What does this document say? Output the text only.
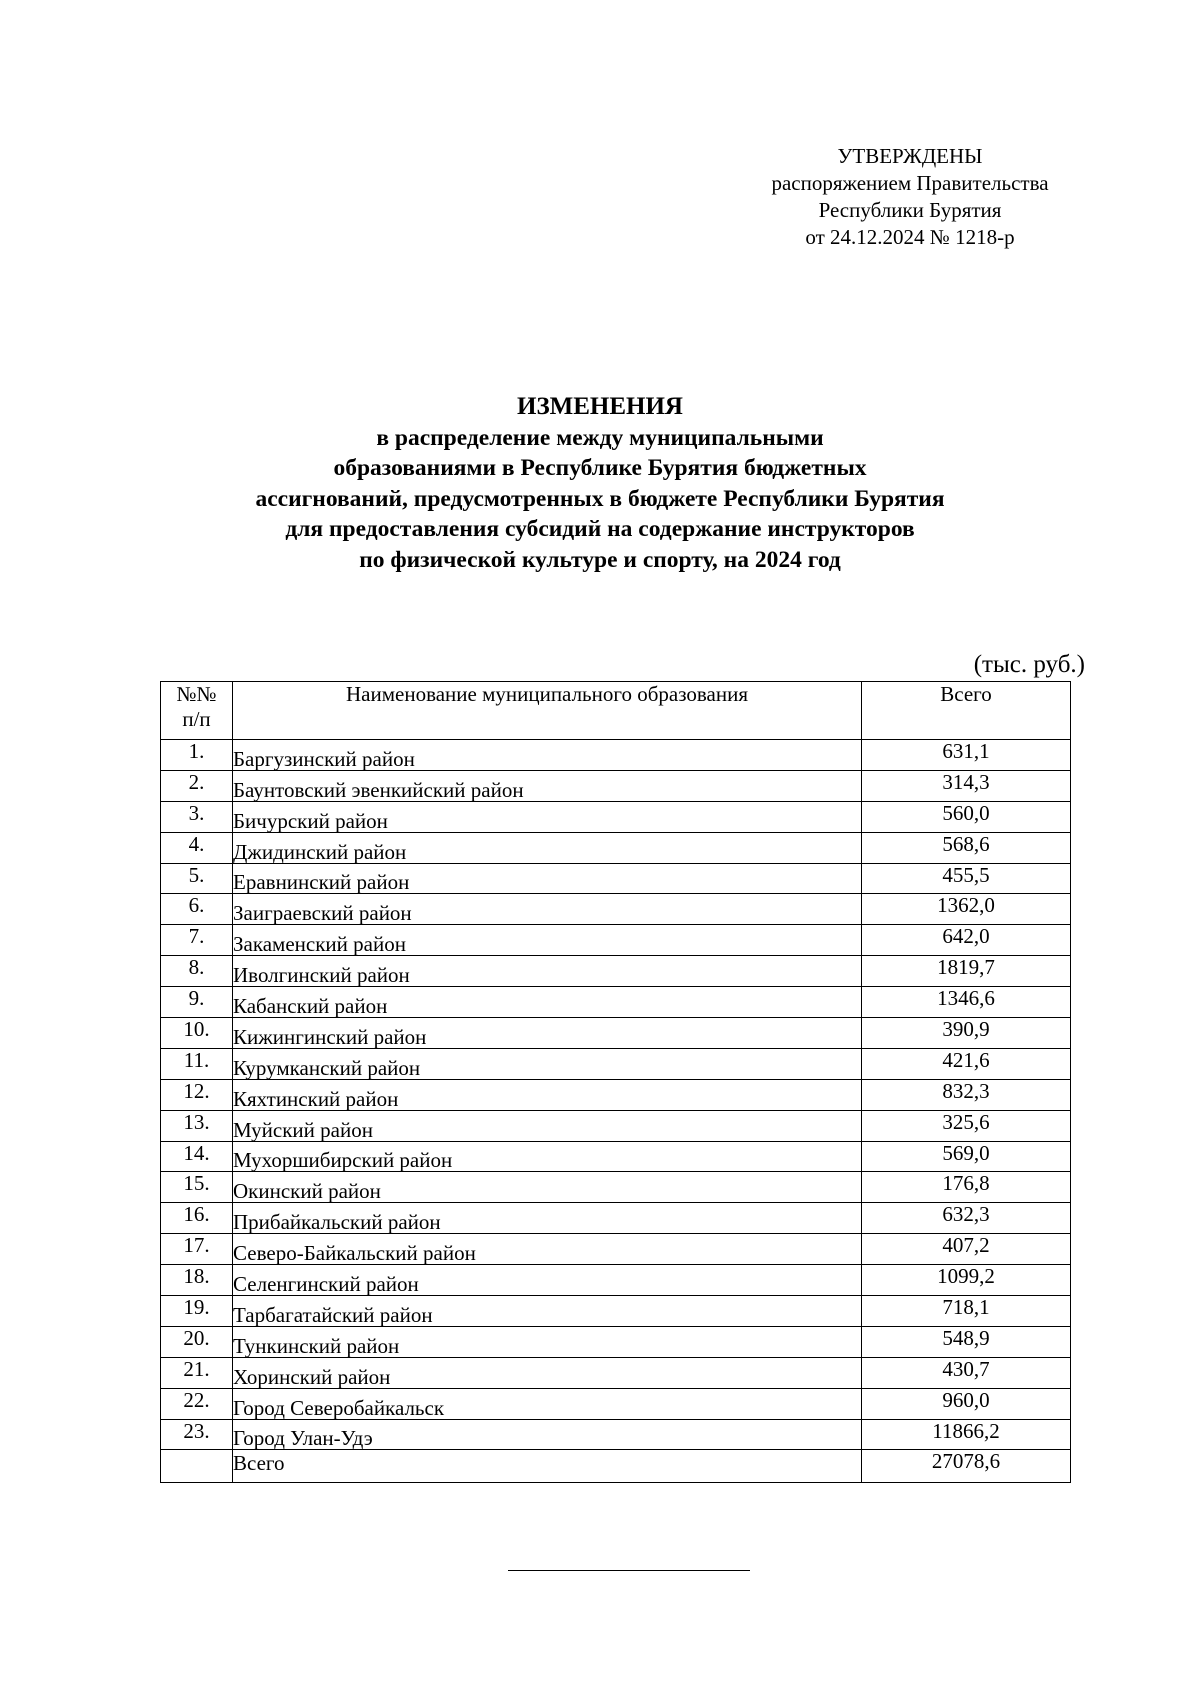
УТВЕРЖДЕНЫ
распоряжением Правительства
Республики Бурятия
от 24.12.2024 № 1218-р
ИЗМЕНЕНИЯ
в распределение между муниципальными
образованиями в Республике Бурятия бюджетных
ассигнований, предусмотренных в бюджете Республики Бурятия
для предоставления субсидий на содержание инструкторов
по физической культуре и спорту, на 2024 год
(тыс. руб.)
№№
п/п	Наименование муниципального образования	Всего
1.	Баргузинский район	631,1
2.	Баунтовский эвенкийский район	314,3
3.	Бичурский район	560,0
4.	Джидинский район	568,6
5.	Еравнинский район	455,5
6.	Заиграевский район	1362,0
7.	Закаменский район	642,0
8.	Иволгинский район	1819,7
9.	Кабанский район	1346,6
10.	Кижингинский район	390,9
11.	Курумканский район	421,6
12.	Кяхтинский район	832,3
13.	Муйский район	325,6
14.	Мухоршибирский район	569,0
15.	Окинский район	176,8
16.	Прибайкальский район	632,3
17.	Северо-Байкальский район	407,2
18.	Селенгинский район	1099,2
19.	Тарбагатайский район	718,1
20.	Тункинский район	548,9
21.	Хоринский район	430,7
22.	Город Северобайкальск	960,0
23.	Город Улан-Удэ	11866,2
	Всего	27078,6
